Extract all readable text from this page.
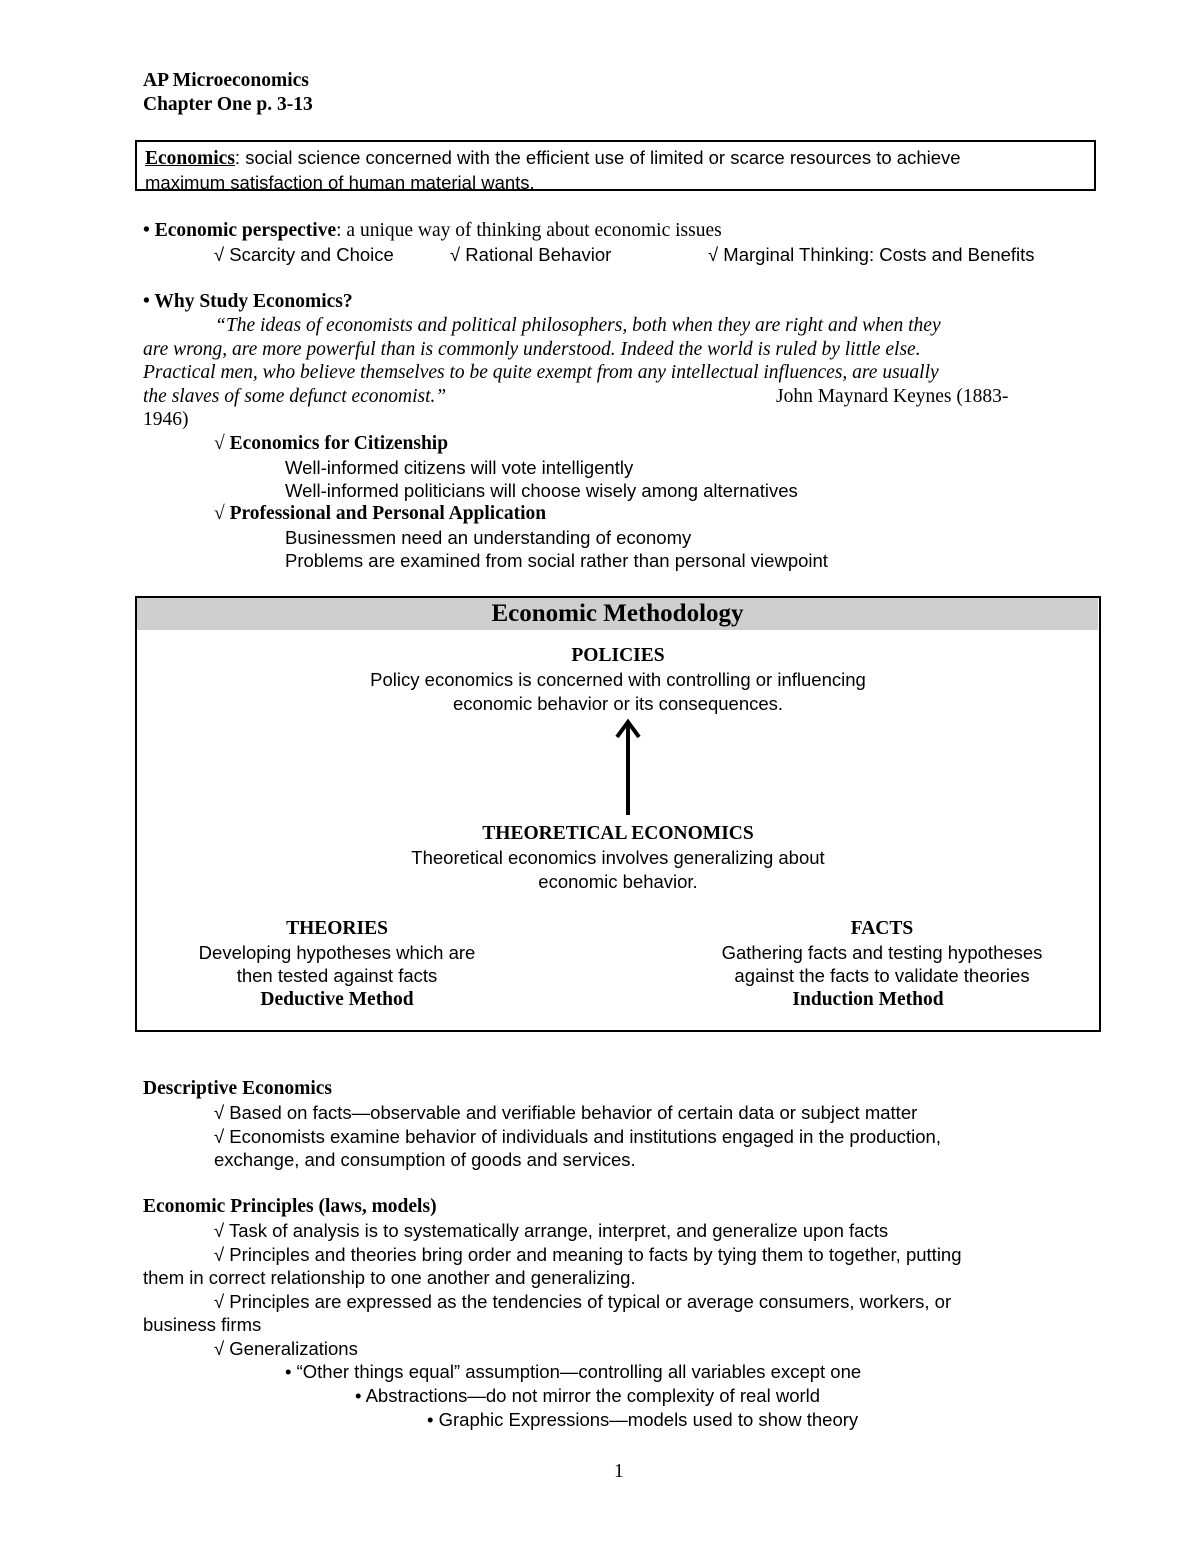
AP Microeconomics
Chapter One p. 3-13
Economics: social science concerned with the efficient use of limited or scarce resources to achieve
maximum satisfaction of human material wants.
• Economic perspective: a unique way of thinking about economic issues
√ Scarcity and Choice	√ Rational Behavior	√ Marginal Thinking: Costs and Benefits
• Why Study Economics?
“The ideas of economists and political philosophers, both when they are right and when they
are wrong, are more powerful than is commonly understood. Indeed the world is ruled by little else.
Practical men, who believe themselves to be quite exempt from any intellectual influences, are usually
the slaves of some defunct economist.”	John Maynard Keynes (1883-
1946)
√ Economics for Citizenship
Well-informed citizens will vote intelligently
Well-informed politicians will choose wisely among alternatives
√ Professional and Personal Application
Businessmen need an understanding of economy
Problems are examined from social rather than personal viewpoint
Economic Methodology
POLICIES
Policy economics is concerned with controlling or influencing
economic behavior or its consequences.
THEORETICAL ECONOMICS
Theoretical economics involves generalizing about
economic behavior.
THEORIES
Developing hypotheses which are
then tested against facts
Deductive Method
FACTS
Gathering facts and testing hypotheses
against the facts to validate theories
Induction Method
Descriptive Economics
√ Based on facts—observable and verifiable behavior of certain data or subject matter
√ Economists examine behavior of individuals and institutions engaged in the production,
exchange, and consumption of goods and services.
Economic Principles (laws, models)
√ Task of analysis is to systematically arrange, interpret, and generalize upon facts
√ Principles and theories bring order and meaning to facts by tying them to together, putting
them in correct relationship to one another and generalizing.
√ Principles are expressed as the tendencies of typical or average consumers, workers, or
business firms
√ Generalizations
• “Other things equal” assumption—controlling all variables except one
• Abstractions—do not mirror the complexity of real world
• Graphic Expressions—models used to show theory
1
